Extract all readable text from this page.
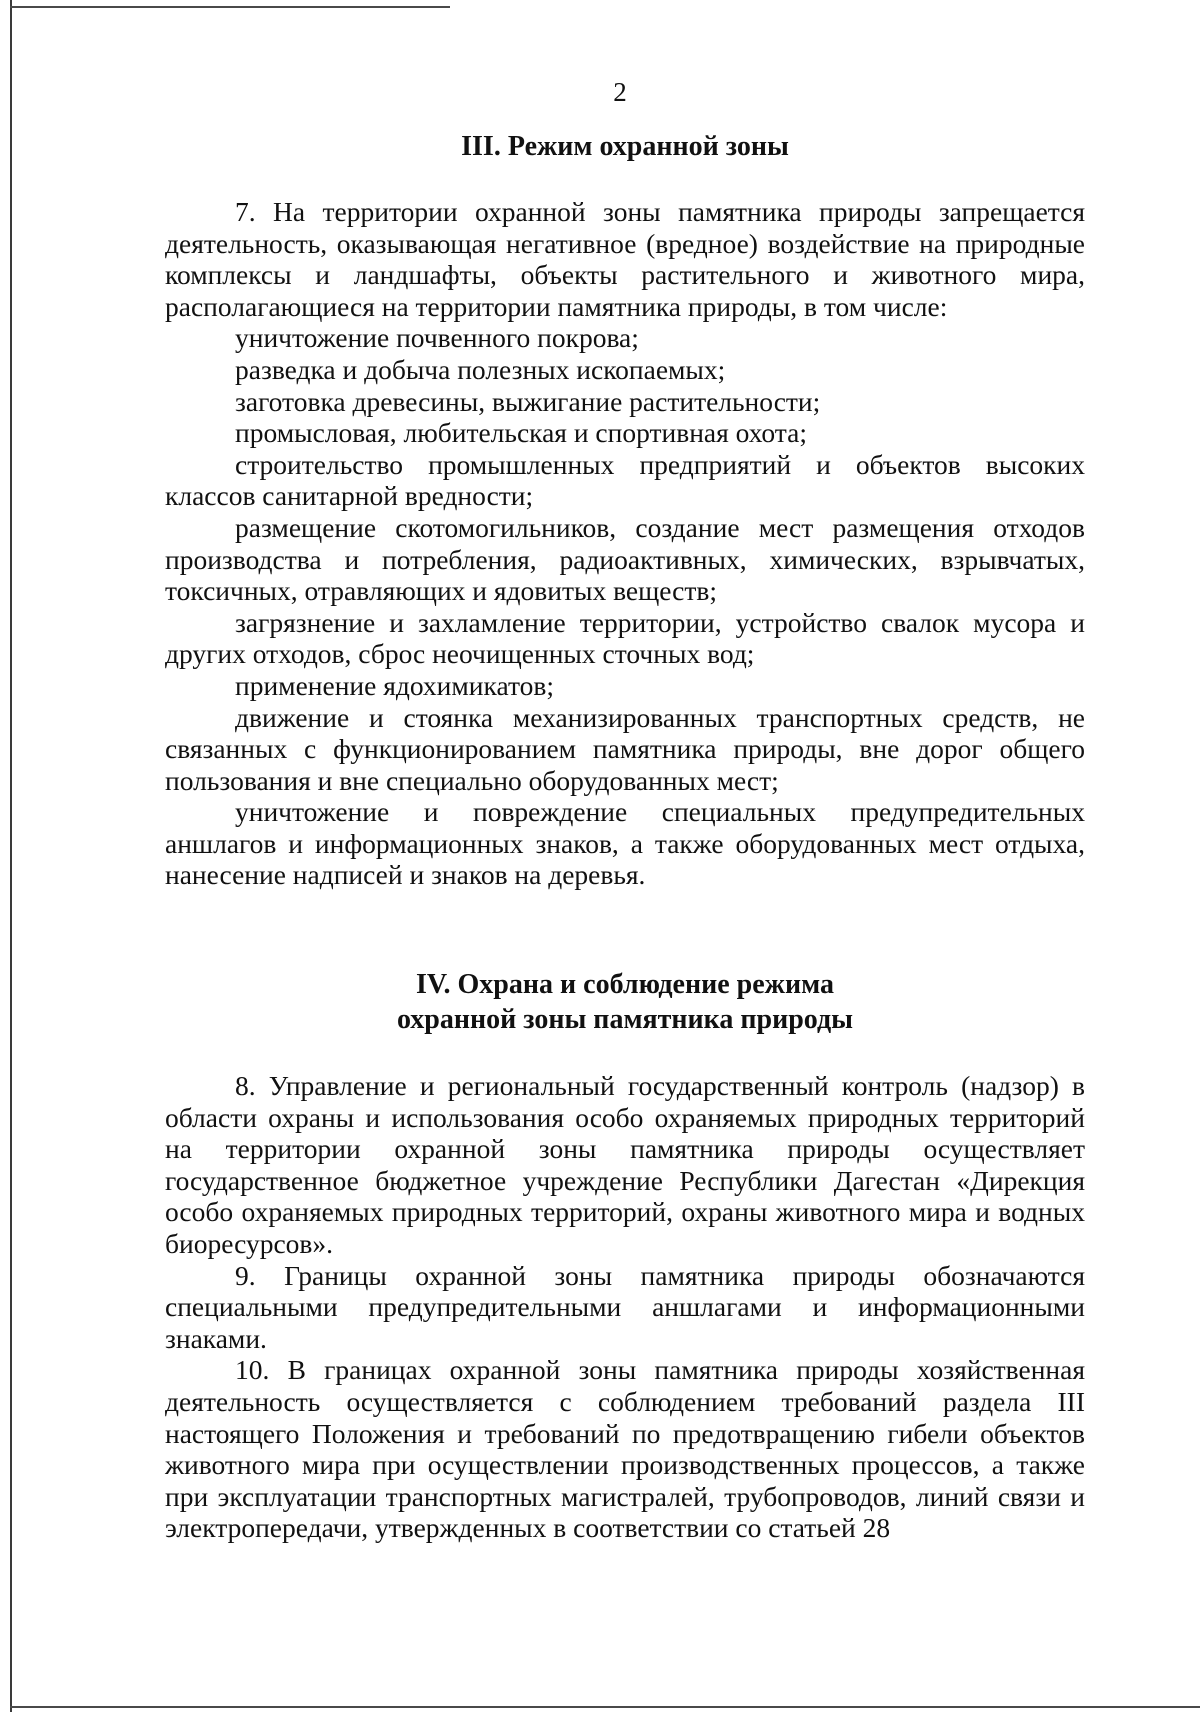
2
III. Режим охранной зоны

7. На территории охранной зоны памятника природы запрещается деятельность, оказывающая негативное (вредное) воздействие на природные комплексы и ландшафты, объекты растительного и животного мира, располагающиеся на территории памятника природы, в том числе:

уничтожение почвенного покрова;

разведка и добыча полезных ископаемых;

заготовка древесины, выжигание растительности;

промысловая, любительская и спортивная охота;

строительство промышленных предприятий и объектов высоких классов санитарной вредности;

размещение скотомогильников, создание мест размещения отходов производства и потребления, радиоактивных, химических, взрывчатых, токсичных, отравляющих и ядовитых веществ;

загрязнение и захламление территории, устройство свалок мусора и других отходов, сброс неочищенных сточных вод;

применение ядохимикатов;

движение и стоянка механизированных транспортных средств, не связанных с функционированием памятника природы, вне дорог общего пользования и вне специально оборудованных мест;

уничтожение и повреждение специальных предупредительных аншлагов и информационных знаков, а также оборудованных мест отдыха, нанесение надписей и знаков на деревья.

IV. Охрана и соблюдение режима
охранной зоны памятника природы

8. Управление и региональный государственный контроль (надзор) в области охраны и использования особо охраняемых природных территорий на территории охранной зоны памятника природы осуществляет государственное бюджетное учреждение Республики Дагестан «Дирекция особо охраняемых природных территорий, охраны животного мира и водных биоресурсов».

9. Границы охранной зоны памятника природы обозначаются специальными предупредительными аншлагами и информационными знаками.

10. В границах охранной зоны памятника природы хозяйственная деятельность осуществляется с соблюдением требований раздела III настоящего Положения и требований по предотвращению гибели объектов животного мира при осуществлении производственных процессов, а также при эксплуатации транспортных магистралей, трубопроводов, линий связи и электропередачи, утвержденных в соответствии со статьей 28
